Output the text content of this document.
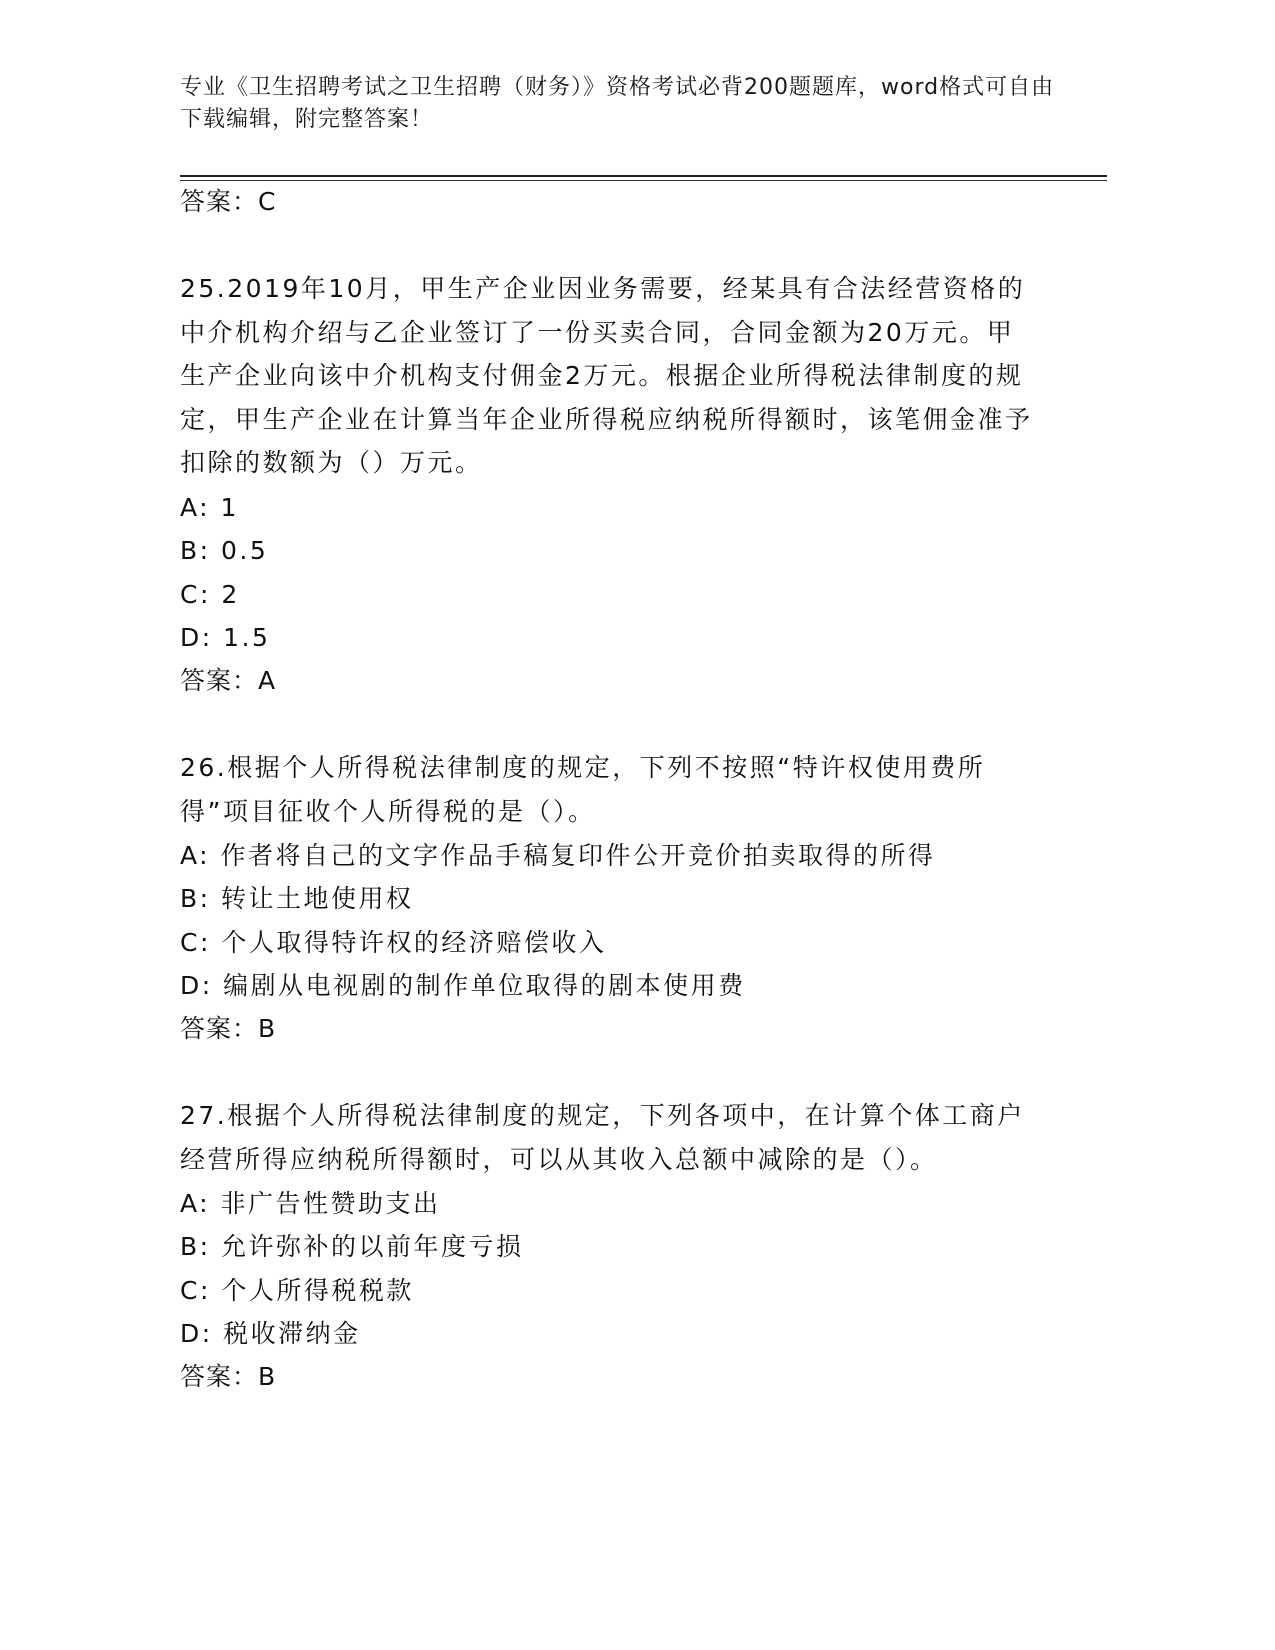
专业《卫生招聘考试之卫生招聘（财务）》资格考试必背200题题库，word格式可自由下载编辑，附完整答案！
答案：C
25.2019年10月，甲生产企业因业务需要，经某具有合法经营资格的中介机构介绍与乙企业签订了一份买卖合同，合同金额为20万元。甲生产企业向该中介机构支付佣金2万元。根据企业所得税法律制度的规定，甲生产企业在计算当年企业所得税应纳税所得额时，该笔佣金准予扣除的数额为（）万元。
A: 1
B: 0.5
C: 2
D: 1.5
答案：A
26.根据个人所得税法律制度的规定，下列不按照“特许权使用费所得”项目征收个人所得税的是（）。
A: 作者将自己的文字作品手稿复印件公开竞价拍卖取得的所得
B: 转让土地使用权
C: 个人取得特许权的经济赔偿收入
D: 编剧从电视剧的制作单位取得的剧本使用费
答案：B
27.根据个人所得税法律制度的规定，下列各项中，在计算个体工商户经营所得应纳税所得额时，可以从其收入总额中减除的是（）。
A: 非广告性赞助支出
B: 允许弥补的以前年度亏损
C: 个人所得税税款
D: 税收滞纳金
答案：B
